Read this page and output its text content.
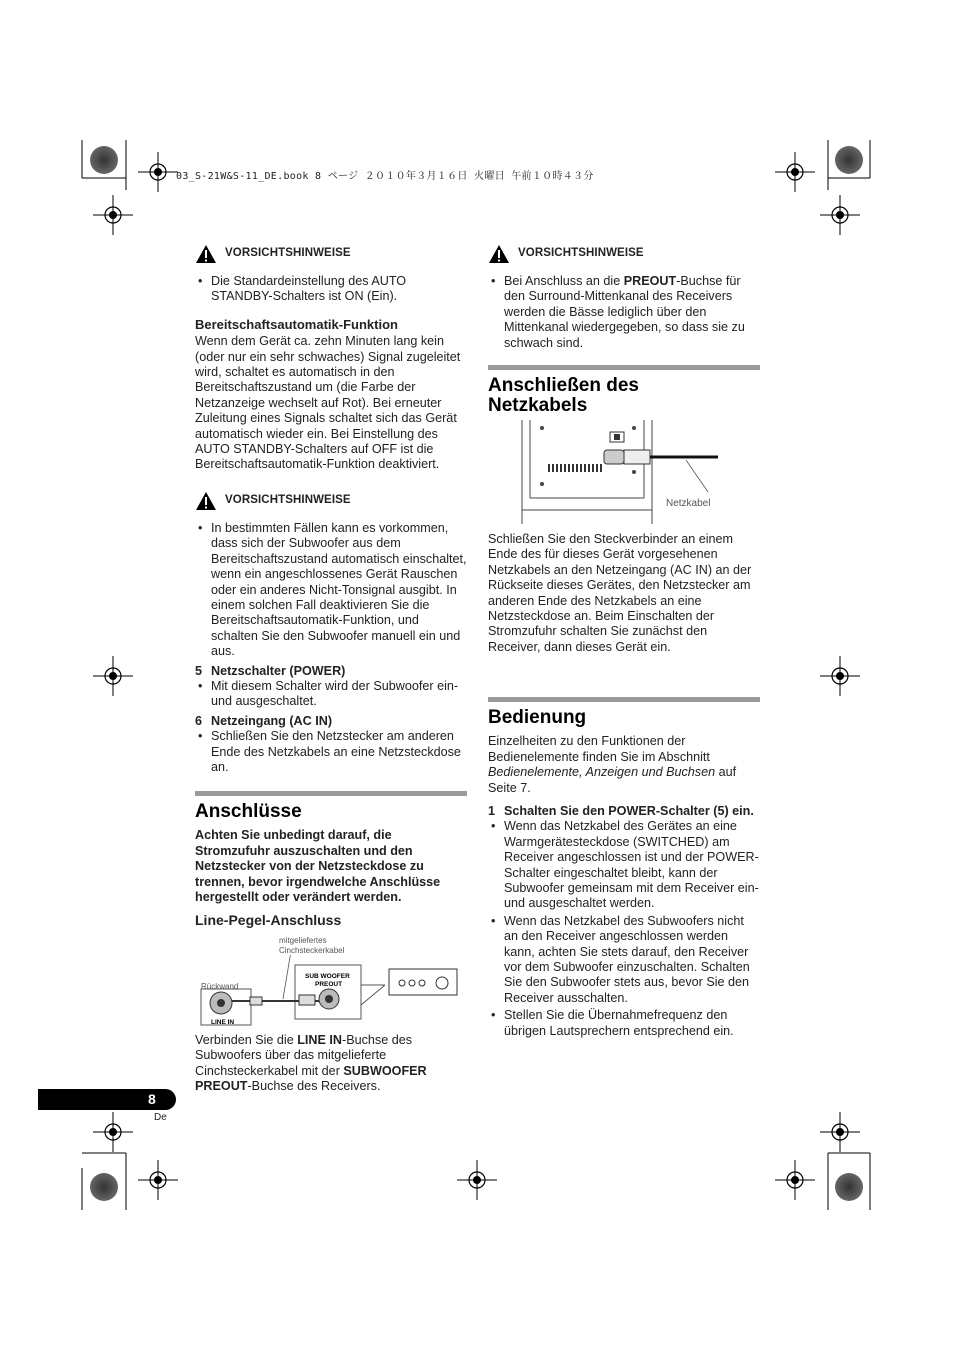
03_S-21W&S-11_DE.book 8 ページ ２０１０年３月１６日 火曜日 午前１０時４３分
VORSICHTSHINWEISE
• Die Standardeinstellung des AUTO STANDBY-Schalters ist ON (Ein).
Bereitschaftsautomatik-Funktion

Wenn dem Gerät ca. zehn Minuten lang kein (oder nur ein sehr schwaches) Signal zugeleitet wird, schaltet es automatisch in den Bereitschaftszustand um (die Farbe der Netzanzeige wechselt auf Rot). Bei erneuter Zuleitung eines Signals schaltet sich das Gerät automatisch wieder ein. Bei Einstellung des AUTO STANDBY-Schalters auf OFF ist die Bereitschaftsautomatik-Funktion deaktiviert.

VORSICHTSHINWEISE
• In bestimmten Fällen kann es vorkommen, dass sich der Subwoofer aus dem Bereitschaftszustand automatisch einschaltet, wenn ein angeschlossenes Gerät Rauschen oder ein anderes Nicht-Tonsignal ausgibt. In einem solchen Fall deaktivieren Sie die Bereitschaftsautomatik-Funktion, und schalten Sie den Subwoofer manuell ein und aus.
5 Netzschalter (POWER)
• Mit diesem Schalter wird der Subwoofer ein- und ausgeschaltet.
6 Netzeingang (AC IN)
• Schließen Sie den Netzstecker am anderen Ende des Netzkabels an eine Netzsteckdose an.
Anschlüsse

Achten Sie unbedingt darauf, die Stromzufuhr auszuschalten und den Netzstecker von der Netzsteckdose zu trennen, bevor irgendwelche Anschlüsse hergestellt oder verändert werden.

Line-Pegel-Anschluss
mitgeliefertes
Cinchsteckerkabel
Rückwand
LINE IN
SUB WOOFER
PREOUT

Verbinden Sie die LINE IN-Buchse des Subwoofers über das mitgelieferte Cinchsteckerkabel mit der SUBWOOFER PREOUT-Buchse des Receivers.

VORSICHTSHINWEISE
• Bei Anschluss an die PREOUT-Buchse für den Surround-Mittenkanal des Receivers werden die Bässe lediglich über den Mittenkanal wiedergegeben, so dass sie zu schwach sind.
Anschließen des
Netzkabels
Netzkabel

Schließen Sie den Steckverbinder an einem Ende des für dieses Gerät vorgesehenen Netzkabels an den Netzeingang (AC IN) an der Rückseite dieses Gerätes, den Netzstecker am anderen Ende des Netzkabels an eine Netzsteckdose an. Beim Einschalten der Stromzufuhr schalten Sie zunächst den Receiver, dann dieses Gerät ein.

Bedienung

Einzelheiten zu den Funktionen der Bedienelemente finden Sie im Abschnitt Bedienelemente, Anzeigen und Buchsen auf Seite 7.

1 Schalten Sie den POWER-Schalter (5) ein.
• Wenn das Netzkabel des Gerätes an eine Warmgerätesteckdose (SWITCHED) am Receiver angeschlossen ist und der POWER-Schalter eingeschaltet bleibt, kann der Subwoofer gemeinsam mit dem Receiver ein- und ausgeschaltet werden.
• Wenn das Netzkabel des Subwoofers nicht an den Receiver angeschlossen werden kann, achten Sie stets darauf, den Receiver vor dem Subwoofer einzuschalten. Schalten Sie den Subwoofer stets aus, bevor Sie den Receiver ausschalten.
• Stellen Sie die Übernahmefrequenz den übrigen Lautsprechern entsprechend ein.
8
De
